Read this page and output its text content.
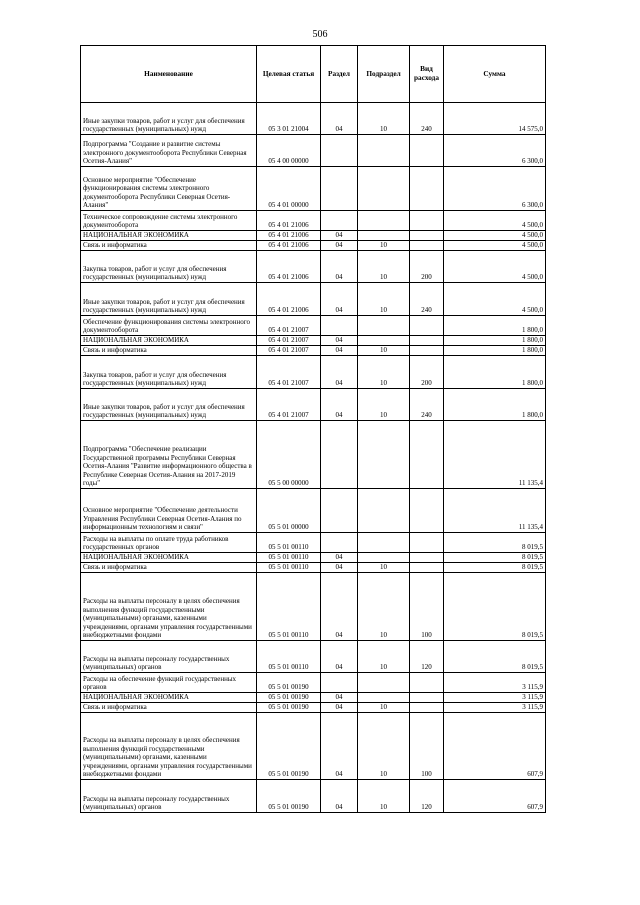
506
Наименование	Целевая статья	Раздел	Подраздел	Вид расхода	Сумма
Иные закупки товаров, работ и услуг для обеспечения государственных (муниципальных) нужд	05 3 01 21004	04	10	240	14 575,0
Подпрограмма "Создание и развитие системы электронного документооборота Республики Северная Осетия-Алания"	05 4 00 00000				6 300,0
Основное мероприятие "Обеспечение функционирования системы электронного документооборота Республики Северная Осетия-Алания"	05 4 01 00000				6 300,0
Техническое сопровождение системы электронного документооборота	05 4 01 21006				4 500,0
НАЦИОНАЛЬНАЯ ЭКОНОМИКА	05 4 01 21006	04			4 500,0
Связь и информатика	05 4 01 21006	04	10		4 500,0
Закупка товаров, работ и услуг для обеспечения государственных (муниципальных) нужд	05 4 01 21006	04	10	200	4 500,0
Иные закупки товаров, работ и услуг для обеспечения государственных (муниципальных) нужд	05 4 01 21006	04	10	240	4 500,0
Обеспечение функционирования системы электронного документооборота	05 4 01 21007				1 800,0
НАЦИОНАЛЬНАЯ ЭКОНОМИКА	05 4 01 21007	04			1 800,0
Связь и информатика	05 4 01 21007	04	10		1 800,0
Закупка товаров, работ и услуг для обеспечения государственных (муниципальных) нужд	05 4 01 21007	04	10	200	1 800,0
Иные закупки товаров, работ и услуг для обеспечения государственных (муниципальных) нужд	05 4 01 21007	04	10	240	1 800,0
Подпрограмма "Обеспечение реализации Государственной программы Республики Северная Осетия-Алания "Развитие информационного общества в Республике Северная Осетия-Алания на 2017-2019 годы"	05 5 00 00000				11 135,4
Основное мероприятие "Обеспечение деятельности Управления Республики Северная Осетия-Алания по информационным технологиям и связи"	05 5 01 00000				11 135,4
Расходы на выплаты по оплате труда работников государственных органов	05 5 01 00110				8 019,5
НАЦИОНАЛЬНАЯ ЭКОНОМИКА	05 5 01 00110	04			8 019,5
Связь и информатика	05 5 01 00110	04	10		8 019,5
Расходы на выплаты персоналу в целях обеспечения выполнения функций государственными (муниципальными) органами, казенными учреждениями, органами управления государственными внебюджетными фондами	05 5 01 00110	04	10	100	8 019,5
Расходы на выплаты персоналу государственных (муниципальных) органов	05 5 01 00110	04	10	120	8 019,5
Расходы на обеспечение функций государственных органов	05 5 01 00190				3 115,9
НАЦИОНАЛЬНАЯ ЭКОНОМИКА	05 5 01 00190	04			3 115,9
Связь и информатика	05 5 01 00190	04	10		3 115,9
Расходы на выплаты персоналу в целях обеспечения выполнения функций государственными (муниципальными) органами, казенными учреждениями, органами управления государственными внебюджетными фондами	05 5 01 00190	04	10	100	607,9
Расходы на выплаты персоналу государственных (муниципальных) органов	05 5 01 00190	04	10	120	607,9
